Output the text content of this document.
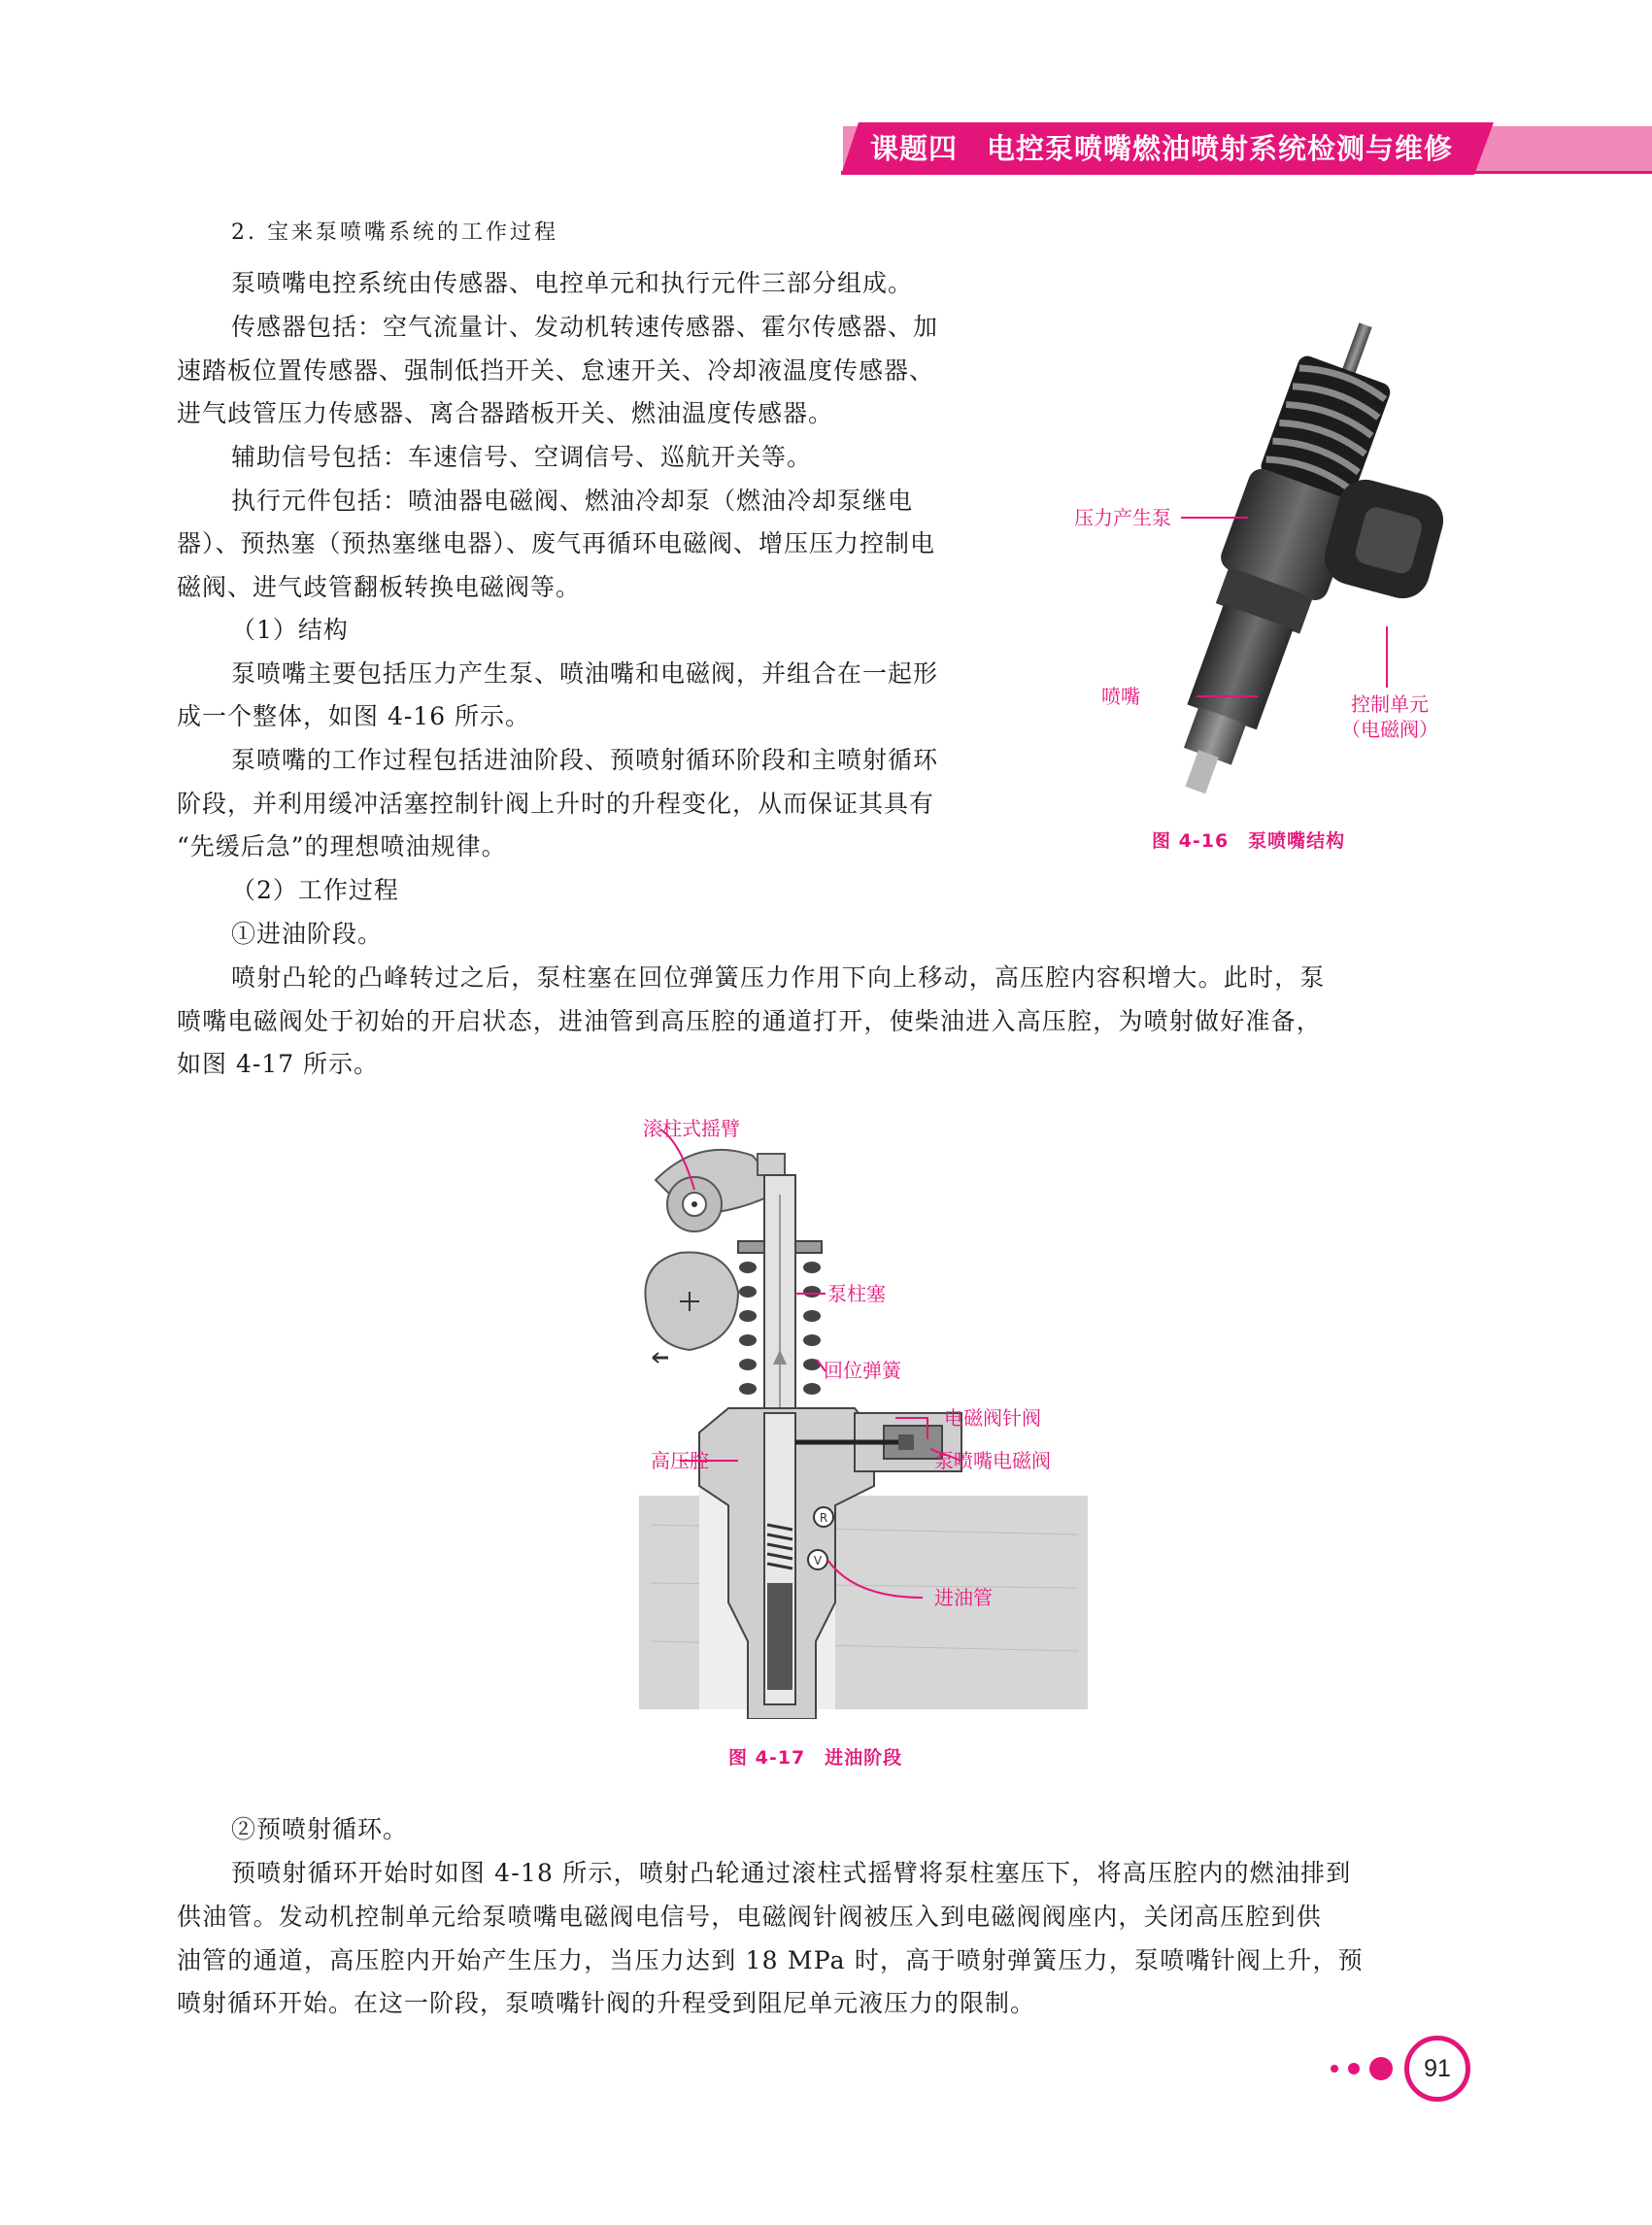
课题四 电控泵喷嘴燃油喷射系统检测与维修

2. 宝来泵喷嘴系统的工作过程

泵喷嘴电控系统由传感器、电控单元和执行元件三部分组成。

传感器包括：空气流量计、发动机转速传感器、霍尔传感器、加

速踏板位置传感器、强制低挡开关、怠速开关、冷却液温度传感器、

进气歧管压力传感器、离合器踏板开关、燃油温度传感器。

辅助信号包括：车速信号、空调信号、巡航开关等。

执行元件包括：喷油器电磁阀、燃油冷却泵（燃油冷却泵继电

器）、预热塞（预热塞继电器）、废气再循环电磁阀、增压压力控制电

磁阀、进气歧管翻板转换电磁阀等。

（1）结构

泵喷嘴主要包括压力产生泵、喷油嘴和电磁阀，并组合在一起形

成一个整体，如图 4-16 所示。

泵喷嘴的工作过程包括进油阶段、预喷射循环阶段和主喷射循环

阶段，并利用缓冲活塞控制针阀上升时的升程变化，从而保证其具有

“先缓后急”的理想喷油规律。

（2）工作过程

①进油阶段。

喷射凸轮的凸峰转过之后，泵柱塞在回位弹簧压力作用下向上移动，高压腔内容积增大。此时，泵

喷嘴电磁阀处于初始的开启状态，进油管到高压腔的通道打开，使柴油进入高压腔，为喷射做好准备，

如图 4-17 所示。

压力产生泵
喷嘴	控制单元
（电磁阀）
图 4-16　泵喷嘴结构
R
V
滚柱式摇臂
泵柱塞
回位弹簧
电磁阀针阀
高压腔	泵喷嘴电磁阀
进油管
图 4-17　进油阶段

②预喷射循环。

预喷射循环开始时如图 4-18 所示，喷射凸轮通过滚柱式摇臂将泵柱塞压下，将高压腔内的燃油排到

供油管。发动机控制单元给泵喷嘴电磁阀电信号，电磁阀针阀被压入到电磁阀阀座内，关闭高压腔到供

油管的通道，高压腔内开始产生压力，当压力达到 18 MPa 时，高于喷射弹簧压力，泵喷嘴针阀上升，预

喷射循环开始。在这一阶段，泵喷嘴针阀的升程受到阻尼单元液压力的限制。

91
